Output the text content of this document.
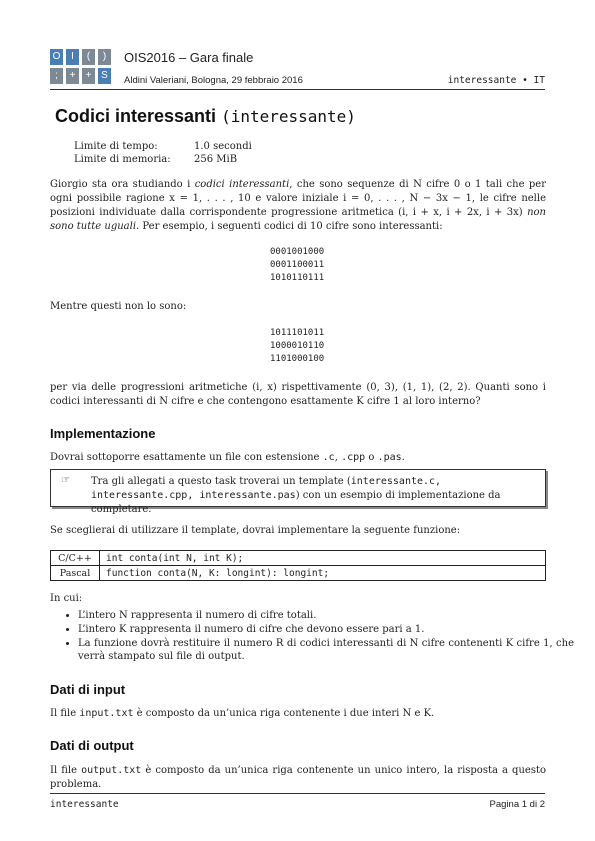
O	I	(	)
;	+	+ S
OIS2016 – Gara finale
Aldini Valeriani, Bologna, 29 febbraio 2016	interessante • IT
Codici interessanti (interessante)
Limite di tempo:	1.0 secondi
Limite di memoria: 256 MiB

Giorgio sta ora studiando i codici interessanti, che sono sequenze di N cifre 0 o 1 tali che per ogni possibile ragione x = 1, . . . , 10 e valore iniziale i = 0, . . . , N − 3x − 1, le cifre nelle posizioni individuate dalla corrispondente progressione aritmetica (i, i + x, i + 2x, i + 3x) non sono tutte uguali. Per esempio, i seguenti codici di 10 cifre sono interessanti:

0001001000
0001100011
1010110111

Mentre questi non lo sono:

1011101011
1000010110
1101000100

per via delle progressioni aritmetiche (i, x) rispettivamente (0, 3), (1, 1), (2, 2). Quanti sono i codici interessanti di N cifre e che contengono esattamente K cifre 1 al loro interno?

Implementazione

Dovrai sottoporre esattamente un file con estensione .c, .cpp o .pas.

☞ Tra gli allegati a questo task troverai un template (interessante.c, interessante.cpp, interessante.pas) con un esempio di implementazione da completare.

Se sceglierai di utilizzare il template, dovrai implementare la seguente funzione:

C/C++	int conta(int N, int K);
Pascal	function conta(N, K: longint): longint;

In cui:

• L’intero N rappresenta il numero di cifre totali.
• L’intero K rappresenta il numero di cifre che devono essere pari a 1.
• La funzione dovrà restituire il numero R di codici interessanti di N cifre contenenti K cifre 1, che verrà stampato sul file di output.
Dati di input

Il file input.txt è composto da un’unica riga contenente i due interi N e K.

Dati di output

Il file output.txt è composto da un’unica riga contenente un unico intero, la risposta a questo problema.

interessante	Pagina 1 di 2
